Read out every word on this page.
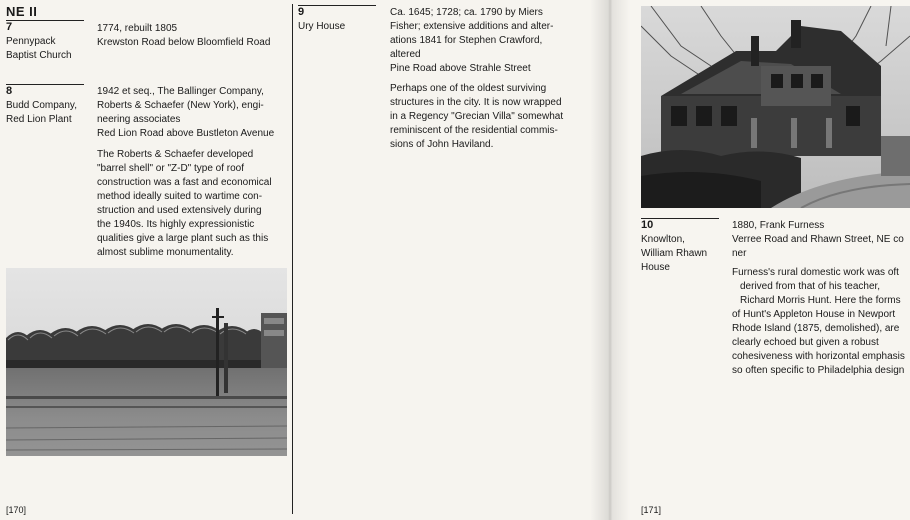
NE II
7
Pennypack
Baptist Church
1774, rebuilt 1805
Krewston Road below Bloomfield Road
8
Budd Company,
Red Lion Plant
1942 et seq., The Ballinger Company,
Roberts & Schaefer (New York), engi-
neering associates
Red Lion Road above Bustleton Avenue
The Roberts & Schaefer developed
"barrel shell" or "Z-D" type of roof
construction was a fast and economical
method ideally suited to wartime con-
struction and used extensively during
the 1940s. Its highly expressionistic
qualities give a large plant such as this
almost sublime monumentality.
[170]
9
Ury House
Ca. 1645; 1728; ca. 1790 by Miers
Fisher; extensive additions and alter-
ations 1841 for Stephen Crawford,
altered
Pine Road above Strahle Street
Perhaps one of the oldest surviving
structures in the city. It is now wrapped
in a Regency "Grecian Villa" somewhat
reminiscent of the residential commis-
sions of John Haviland.
10
Knowlton,
William Rhawn
House
1880, Frank Furness
Verree Road and Rhawn Street, NE co
ner
Furness's rural domestic work was oft
derived from that of his teacher,
Richard Morris Hunt. Here the forms
of Hunt's Appleton House in Newport
Rhode Island (1875, demolished), are
clearly echoed but given a robust
cohesiveness with horizontal emphasis
so often specific to Philadelphia design
[171]
